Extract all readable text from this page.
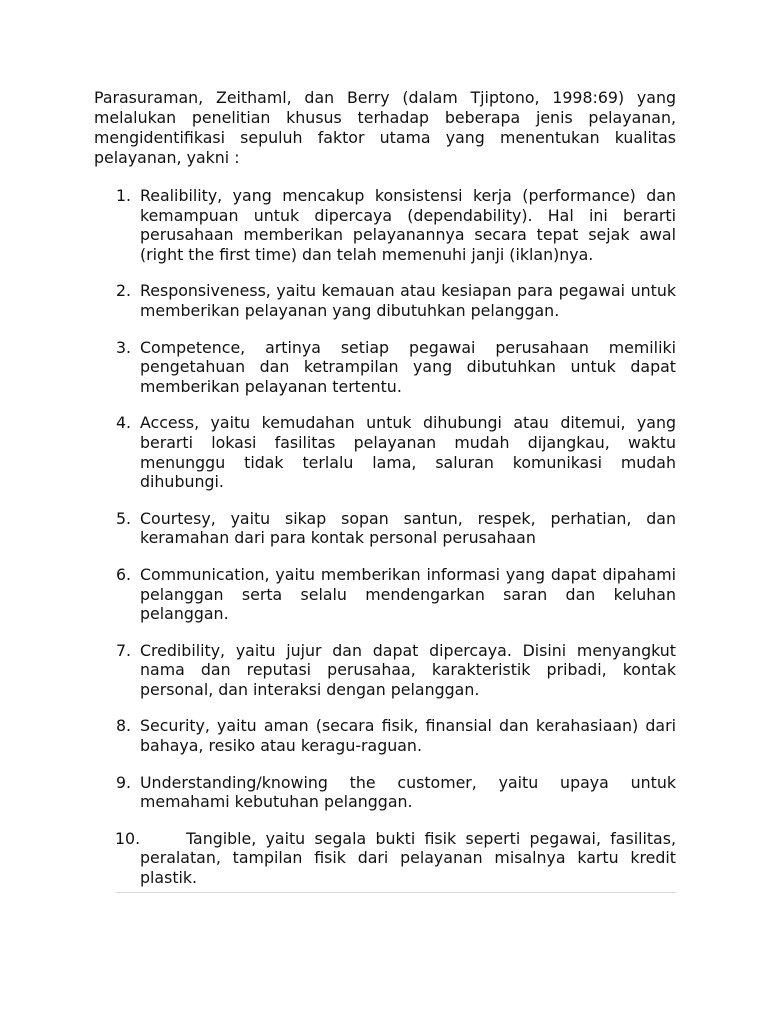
Parasuraman, Zeithaml, dan Berry (dalam Tjiptono, 1998:69) yang melalukan penelitian khusus terhadap beberapa jenis pelayanan, mengidentifikasi sepuluh faktor utama yang menentukan kualitas pelayanan, yakni :

1. Realibility, yang mencakup konsistensi kerja (performance) dan kemampuan untuk dipercaya (dependability). Hal ini berarti perusahaan memberikan pelayanannya secara tepat sejak awal (right the first time) dan telah memenuhi janji (iklan)nya.
2. Responsiveness, yaitu kemauan atau kesiapan para pegawai untuk memberikan pelayanan yang dibutuhkan pelanggan.
3. Competence, artinya setiap pegawai perusahaan memiliki pengetahuan dan ketrampilan yang dibutuhkan untuk dapat memberikan pelayanan tertentu.
4. Access, yaitu kemudahan untuk dihubungi atau ditemui, yang berarti lokasi fasilitas pelayanan mudah dijangkau, waktu menunggu tidak terlalu lama, saluran komunikasi mudah dihubungi.
5. Courtesy, yaitu sikap sopan santun, respek, perhatian, dan keramahan dari para kontak personal perusahaan
6. Communication, yaitu memberikan informasi yang dapat dipahami pelanggan serta selalu mendengarkan saran dan keluhan pelanggan.
7. Credibility, yaitu jujur dan dapat dipercaya. Disini menyangkut nama dan reputasi perusahaa, karakteristik pribadi, kontak personal, dan interaksi dengan pelanggan.
8. Security, yaitu aman (secara fisik, finansial dan kerahasiaan) dari bahaya, resiko atau keragu-raguan.
9. Understanding/knowing the customer, yaitu upaya untuk memahami kebutuhan pelanggan.
10.	Tangible, yaitu segala bukti fisik seperti pegawai, fasilitas, peralatan, tampilan fisik dari pelayanan misalnya kartu kredit plastik.
